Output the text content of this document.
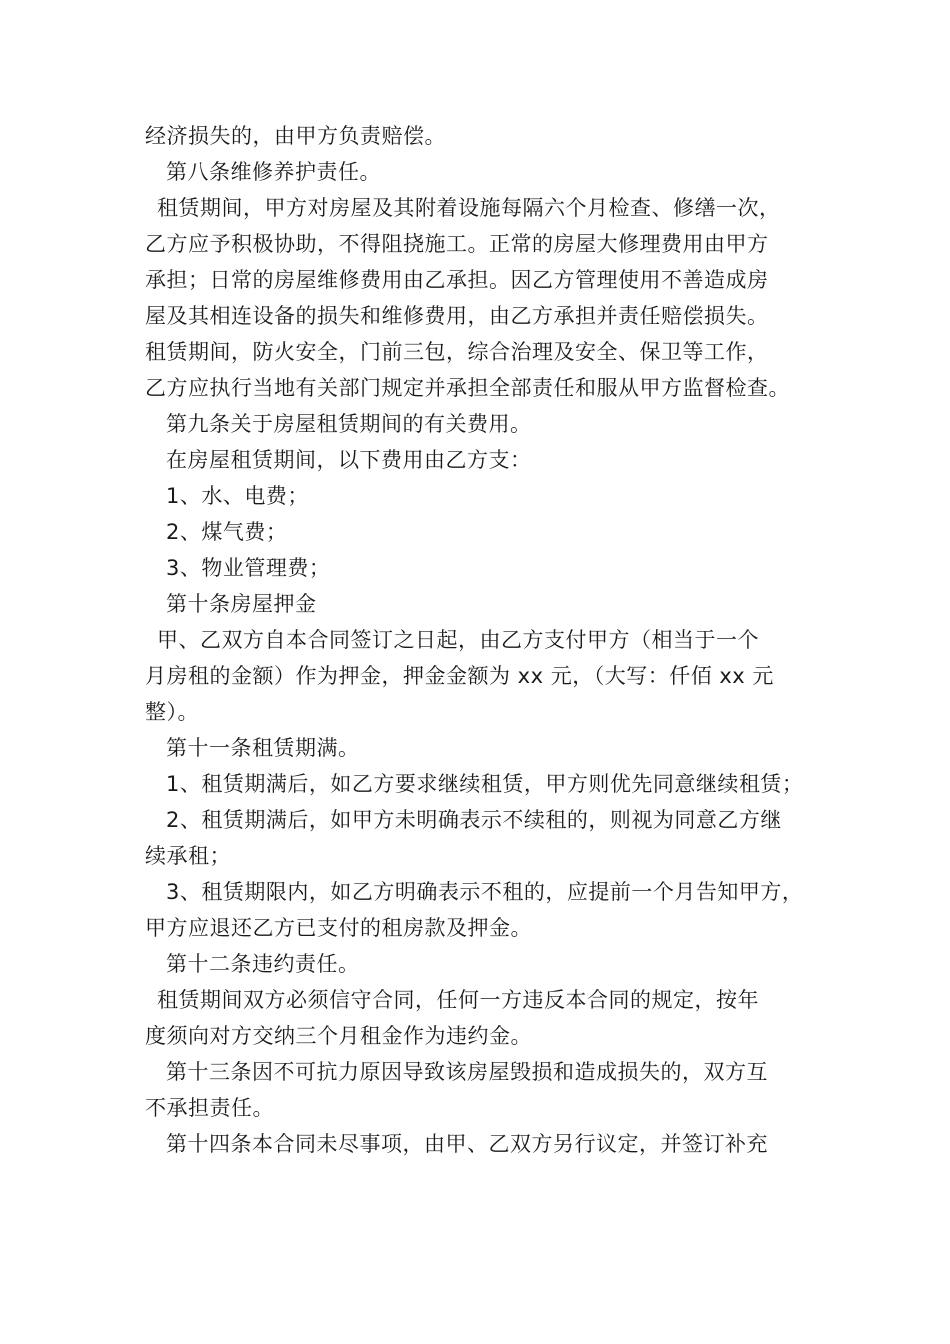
经济损失的，由甲方负责赔偿。
第八条维修养护责任。
租赁期间，甲方对房屋及其附着设施每隔六个月检查、修缮一次，
乙方应予积极协助，不得阻挠施工。正常的房屋大修理费用由甲方
承担；日常的房屋维修费用由乙承担。因乙方管理使用不善造成房
屋及其相连设备的损失和维修费用，由乙方承担并责任赔偿损失。
租赁期间，防火安全，门前三包，综合治理及安全、保卫等工作，
乙方应执行当地有关部门规定并承担全部责任和服从甲方监督检查。
第九条关于房屋租赁期间的有关费用。
在房屋租赁期间，以下费用由乙方支：
1、水、电费；
2、煤气费；
3、物业管理费；
第十条房屋押金
甲、乙双方自本合同签订之日起，由乙方支付甲方（相当于一个
月房租的金额）作为押金，押金金额为 xx 元，（大写：仟佰 xx 元
整）。
第十一条租赁期满。
1、租赁期满后，如乙方要求继续租赁，甲方则优先同意继续租赁；
2、租赁期满后，如甲方未明确表示不续租的，则视为同意乙方继
续承租；
3、租赁期限内，如乙方明确表示不租的，应提前一个月告知甲方，
甲方应退还乙方已支付的租房款及押金。
第十二条违约责任。
租赁期间双方必须信守合同，任何一方违反本合同的规定，按年
度须向对方交纳三个月租金作为违约金。
第十三条因不可抗力原因导致该房屋毁损和造成损失的，双方互
不承担责任。
第十四条本合同未尽事项，由甲、乙双方另行议定，并签订补充
